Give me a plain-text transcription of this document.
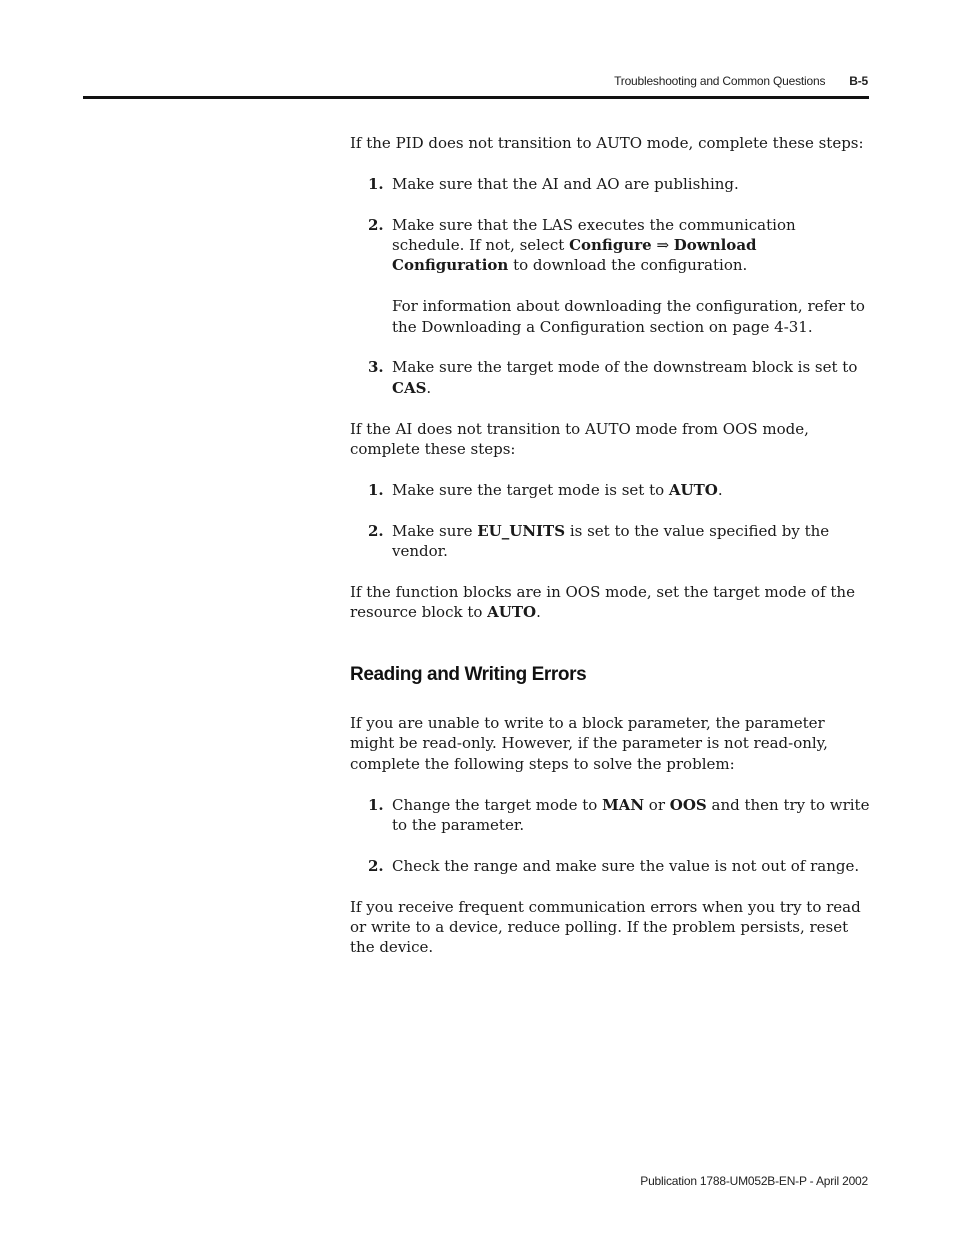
Troubleshooting and Common Questions B-5

If the PID does not transition to AUTO mode, complete these steps:

1. Make sure that the AI and AO are publishing.
2. Make sure that the LAS executes the communication schedule. If not, select Configure ⇒ Download Configuration to download the configuration.
For information about downloading the configuration, refer to the Downloading a Configuration section on page 4-31.
3. Make sure the target mode of the downstream block is set to CAS.

If the AI does not transition to AUTO mode from OOS mode, complete these steps:

1. Make sure the target mode is set to AUTO.
2. Make sure EU_UNITS is set to the value specified by the vendor.

If the function blocks are in OOS mode, set the target mode of the resource block to AUTO.

Reading and Writing Errors

If you are unable to write to a block parameter, the parameter might be read-only. However, if the parameter is not read-only, complete the following steps to solve the problem:

1. Change the target mode to MAN or OOS and then try to write to the parameter.
2. Check the range and make sure the value is not out of range.

If you receive frequent communication errors when you try to read or write to a device, reduce polling. If the problem persists, reset the device.

Publication 1788-UM052B-EN-P - April 2002
